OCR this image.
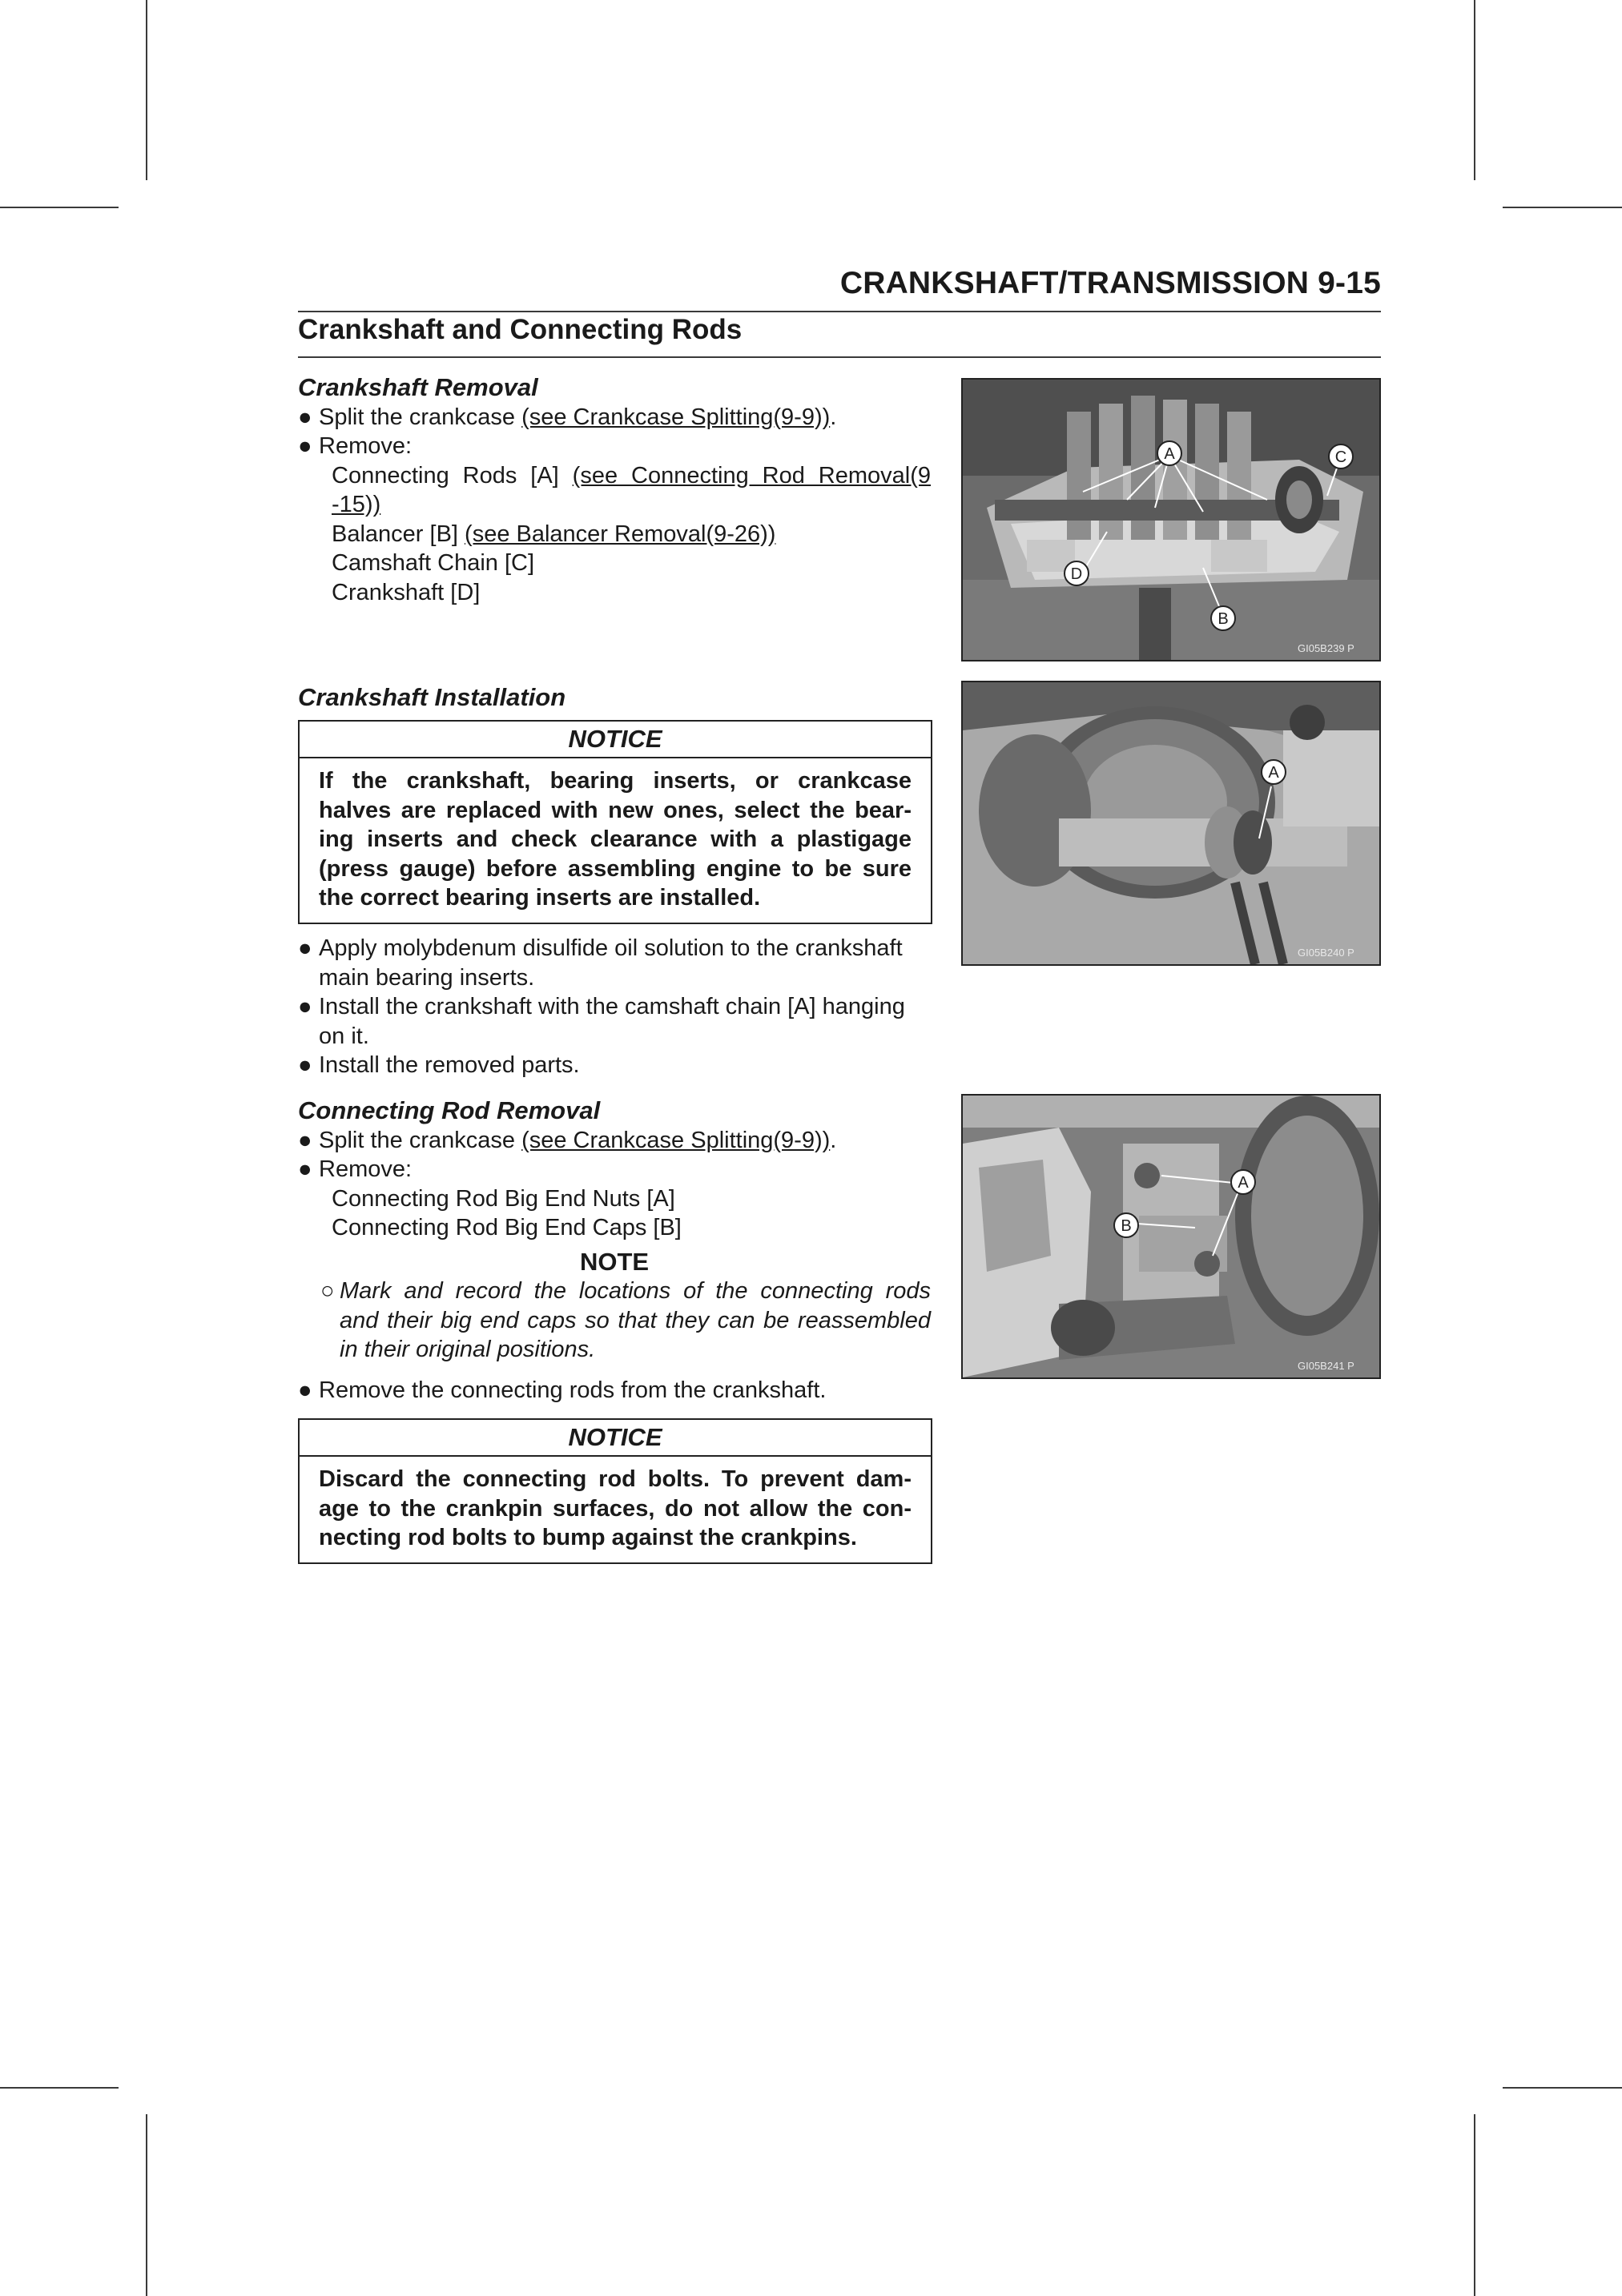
CRANKSHAFT/TRANSMISSION 9-15
Crankshaft and Connecting Rods

Crankshaft Removal

● Split the crankcase (see Crankcase Splitting(9-9)).

● Remove:

Connecting Rods [A] (see Connecting Rod Removal(9

-15))

Balancer [B] (see Balancer Removal(9-26))

Camshaft Chain [C]

Crankshaft [D]

Crankshaft Installation

NOTICE
If the crankshaft, bearing inserts, or crankcase
halves are replaced with new ones, select the bear-
ing inserts and check clearance with a plastigage
(press gauge) before assembling engine to be sure
the correct bearing inserts are installed.

● Apply molybdenum disulfide oil solution to the crankshaft
main bearing inserts.

● Install the crankshaft with the camshaft chain [A] hanging
on it.

● Install the removed parts.

Connecting Rod Removal

● Split the crankcase (see Crankcase Splitting(9-9)).

● Remove:

Connecting Rod Big End Nuts [A]

Connecting Rod Big End Caps [B]

NOTE

○ Mark and record the locations of the connecting rods
and their big end caps so that they can be reassembled
in their original positions.

● Remove the connecting rods from the crankshaft.

NOTICE
Discard the connecting rod bolts. To prevent dam-
age to the crankpin surfaces, do not allow the con-
necting rod bolts to bump against the crankpins.
A
B
C
D
GI05B239 P
A
GI05B240 P
A
B
GI05B241 P
